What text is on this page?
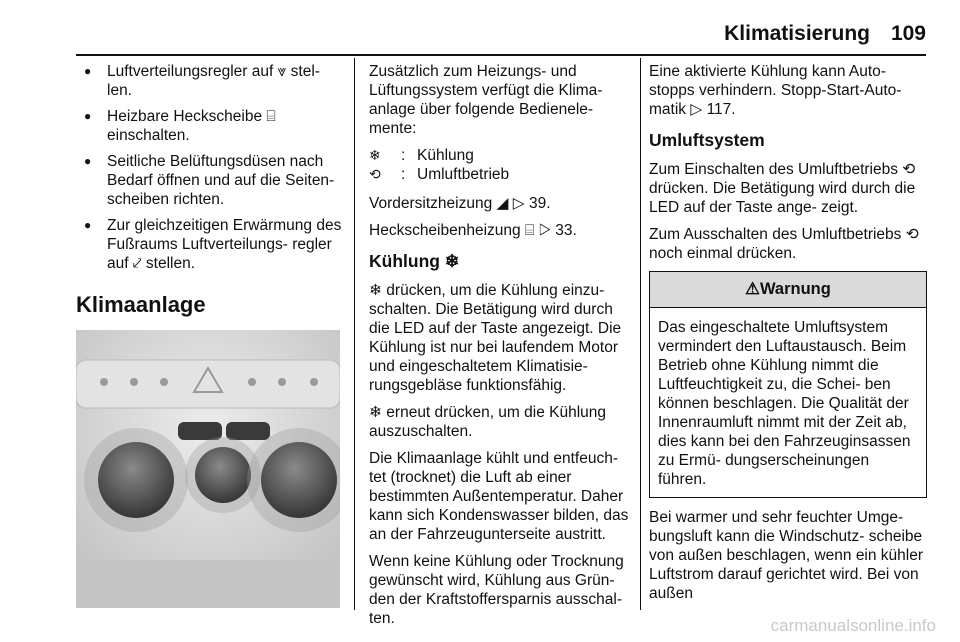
Klimatisierung 109
● Luftverteilungsregler auf ⩔ stel- len.
● Heizbare Heckscheibe ⌸ einschalten.
● Seitliche Belüftungsdüsen nach Bedarf öffnen und auf die Seiten- scheiben richten.
● Zur gleichzeitigen Erwärmung des Fußraums Luftverteilungs- regler auf ⤦ stellen.
Klimaanlage

Zusätzlich zum Heizungs- und Lüftungssystem verfügt die Klima- anlage über folgende Bedienele- mente:

❄	: Kühlung
⟲	: Umluftbetrieb

Vordersitzheizung ◢ ▷ 39.

Heckscheibenheizung ⌸ ▷ 33.

Kühlung ❄

❄ drücken, um die Kühlung einzu- schalten. Die Betätigung wird durch die LED auf der Taste angezeigt. Die Kühlung ist nur bei laufendem Motor und eingeschaltetem Klimatisie- rungsgebläse funktionsfähig.

❄ erneut drücken, um die Kühlung auszuschalten.

Die Klimaanlage kühlt und entfeuch- tet (trocknet) die Luft ab einer bestimmten Außentemperatur. Daher kann sich Kondenswasser bilden, das an der Fahrzeugunterseite austritt.

Wenn keine Kühlung oder Trocknung gewünscht wird, Kühlung aus Grün- den der Kraftstoffersparnis ausschal- ten.

Eine aktivierte Kühlung kann Auto- stopps verhindern. Stopp-Start-Auto- matik ▷ 117.

Umluftsystem

Zum Einschalten des Umluftbetriebs ⟲ drücken. Die Betätigung wird durch die LED auf der Taste ange- zeigt.

Zum Ausschalten des Umluftbetriebs ⟲ noch einmal drücken.

⚠Warnung
Das eingeschaltete Umluftsystem vermindert den Luftaustausch. Beim Betrieb ohne Kühlung nimmt die Luftfeuchtigkeit zu, die Schei- ben können beschlagen. Die Qualität der Innenraumluft nimmt mit der Zeit ab, dies kann bei den Fahrzeuginsassen zu Ermü- dungserscheinungen führen.

Bei warmer und sehr feuchter Umge- bungsluft kann die Windschutz- scheibe von außen beschlagen, wenn ein kühler Luftstrom darauf gerichtet wird. Bei von außen

carmanualsonline.info
